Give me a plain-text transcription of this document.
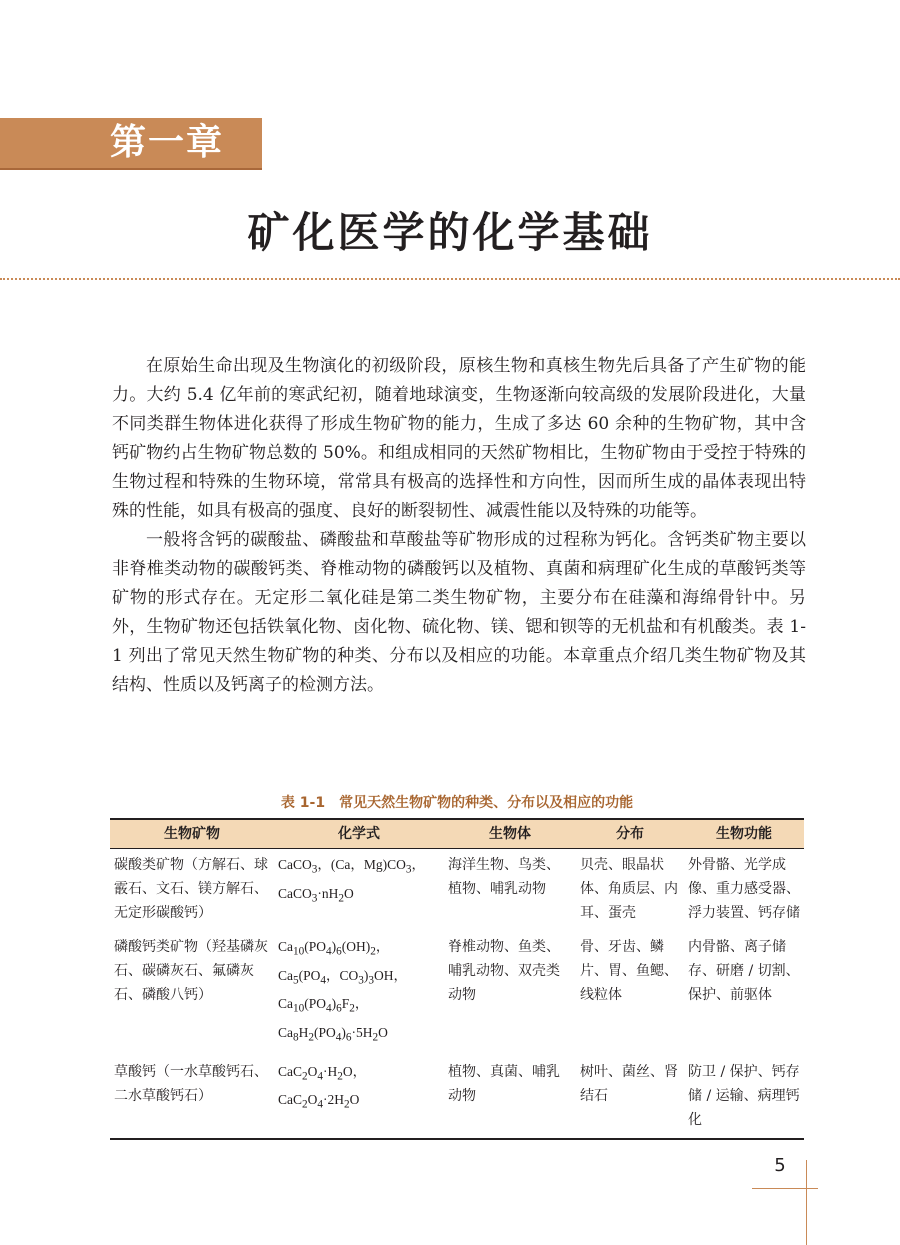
第一章
矿化医学的化学基础

在原始生命出现及生物演化的初级阶段，原核生物和真核生物先后具备了产生矿物的能力。大约 5.4 亿年前的寒武纪初，随着地球演变，生物逐渐向较高级的发展阶段进化，大量不同类群生物体进化获得了形成生物矿物的能力，生成了多达 60 余种的生物矿物，其中含钙矿物约占生物矿物总数的 50%。和组成相同的天然矿物相比，生物矿物由于受控于特殊的生物过程和特殊的生物环境，常常具有极高的选择性和方向性，因而所生成的晶体表现出特殊的性能，如具有极高的强度、良好的断裂韧性、减震性能以及特殊的功能等。

一般将含钙的碳酸盐、磷酸盐和草酸盐等矿物形成的过程称为钙化。含钙类矿物主要以非脊椎类动物的碳酸钙类、脊椎动物的磷酸钙以及植物、真菌和病理矿化生成的草酸钙类等矿物的形式存在。无定形二氧化硅是第二类生物矿物，主要分布在硅藻和海绵骨针中。另外，生物矿物还包括铁氧化物、卤化物、硫化物、镁、锶和钡等的无机盐和有机酸类。表 1-1 列出了常见天然生物矿物的种类、分布以及相应的功能。本章重点介绍几类生物矿物及其结构、性质以及钙离子的检测方法。

表 1-1　常见天然生物矿物的种类、分布以及相应的功能
生物矿物	化学式	生物体	分布	生物功能
碳酸类矿物（方解石、球霰石、文石、镁方解石、无定形碳酸钙）	CaCO$_3$，(Ca，$Mg)CO_3$，
$CaCO_3\cdot nH_2O$	海洋生物、鸟类、植物、哺乳动物	贝壳、眼晶状体、角质层、内耳、蛋壳	外骨骼、光学成像、重力感受器、浮力装置、钙存储
磷酸钙类矿物（羟基磷灰石、碳磷灰石、氟磷灰石、磷酸八钙）	$Ca_{10}(PO_4)_6(OH)_2$，
$Ca_5(PO_4$，$CO_3)_3OH$，
$Ca_{10}(PO_4)_6F_2$，
$Ca_8H_2(PO_4)_6\cdot 5H_2O$	脊椎动物、鱼类、哺乳动物、双壳类动物	骨、牙齿、鳞片、胃、鱼鳃、线粒体	内骨骼、离子储存、研磨 / 切割、保护、前驱体
草酸钙（一水草酸钙石、二水草酸钙石）	$CaC_2O_4\cdot H_2O$，
$CaC_2O_4\cdot 2H_2O$	植物、真菌、哺乳动物	树叶、菌丝、肾结石	防卫 / 保护、钙存储 / 运输、病理钙化
5
